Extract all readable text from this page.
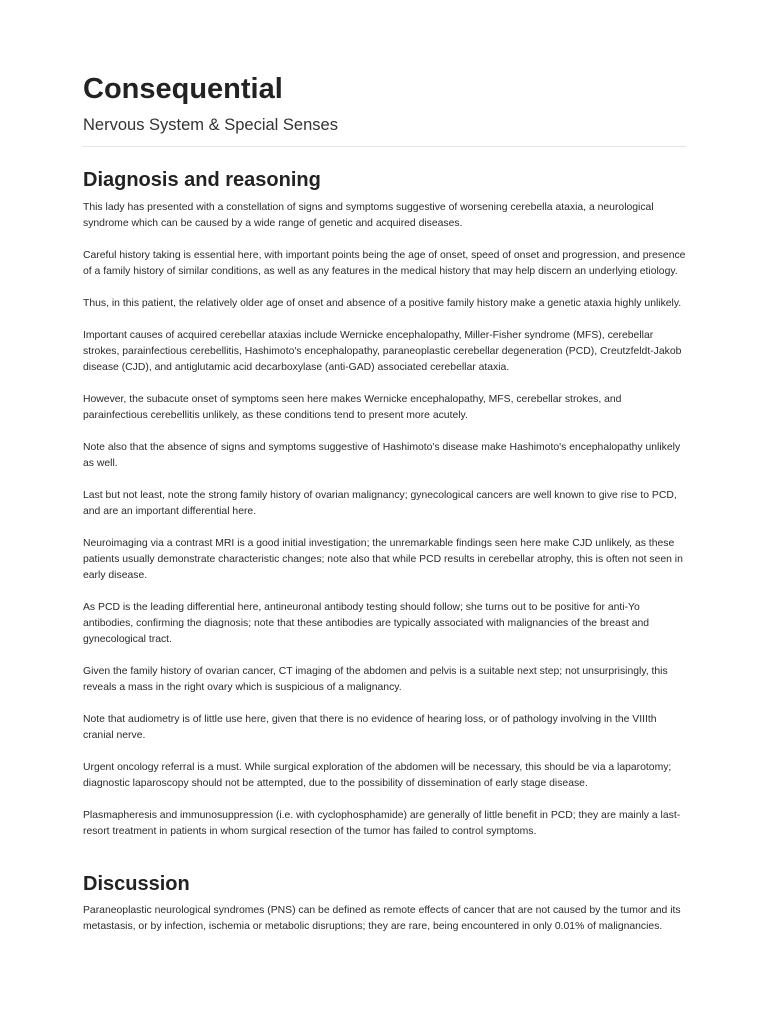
Consequential

Nervous System & Special Senses

Diagnosis and reasoning

This lady has presented with a constellation of signs and symptoms suggestive of worsening cerebella ataxia, a neurological syndrome which can be caused by a wide range of genetic and acquired diseases.

Careful history taking is essential here, with important points being the age of onset, speed of onset and progression, and presence of a family history of similar conditions, as well as any features in the medical history that may help discern an underlying etiology.

Thus, in this patient, the relatively older age of onset and absence of a positive family history make a genetic ataxia highly unlikely.

Important causes of acquired cerebellar ataxias include Wernicke encephalopathy, Miller-Fisher syndrome (MFS), cerebellar strokes, parainfectious cerebellitis, Hashimoto's encephalopathy, paraneoplastic cerebellar degeneration (PCD), Creutzfeldt-Jakob disease (CJD), and antiglutamic acid decarboxylase (anti-GAD) associated cerebellar ataxia.

However, the subacute onset of symptoms seen here makes Wernicke encephalopathy, MFS, cerebellar strokes, and parainfectious cerebellitis unlikely, as these conditions tend to present more acutely.

Note also that the absence of signs and symptoms suggestive of Hashimoto's disease make Hashimoto's encephalopathy unlikely as well.

Last but not least, note the strong family history of ovarian malignancy; gynecological cancers are well known to give rise to PCD, and are an important differential here.

Neuroimaging via a contrast MRI is a good initial investigation; the unremarkable findings seen here make CJD unlikely, as these patients usually demonstrate characteristic changes; note also that while PCD results in cerebellar atrophy, this is often not seen in early disease.

As PCD is the leading differential here, antineuronal antibody testing should follow; she turns out to be positive for anti-Yo antibodies, confirming the diagnosis; note that these antibodies are typically associated with malignancies of the breast and gynecological tract.

Given the family history of ovarian cancer, CT imaging of the abdomen and pelvis is a suitable next step; not unsurprisingly, this reveals a mass in the right ovary which is suspicious of a malignancy.

Note that audiometry is of little use here, given that there is no evidence of hearing loss, or of pathology involving in the VIIIth cranial nerve.

Urgent oncology referral is a must. While surgical exploration of the abdomen will be necessary, this should be via a laparotomy; diagnostic laparoscopy should not be attempted, due to the possibility of dissemination of early stage disease.

Plasmapheresis and immunosuppression (i.e. with cyclophosphamide) are generally of little benefit in PCD; they are mainly a last-resort treatment in patients in whom surgical resection of the tumor has failed to control symptoms.

Discussion

Paraneoplastic neurological syndromes (PNS) can be defined as remote effects of cancer that are not caused by the tumor and its metastasis, or by infection, ischemia or metabolic disruptions; they are rare, being encountered in only 0.01% of malignancies.
